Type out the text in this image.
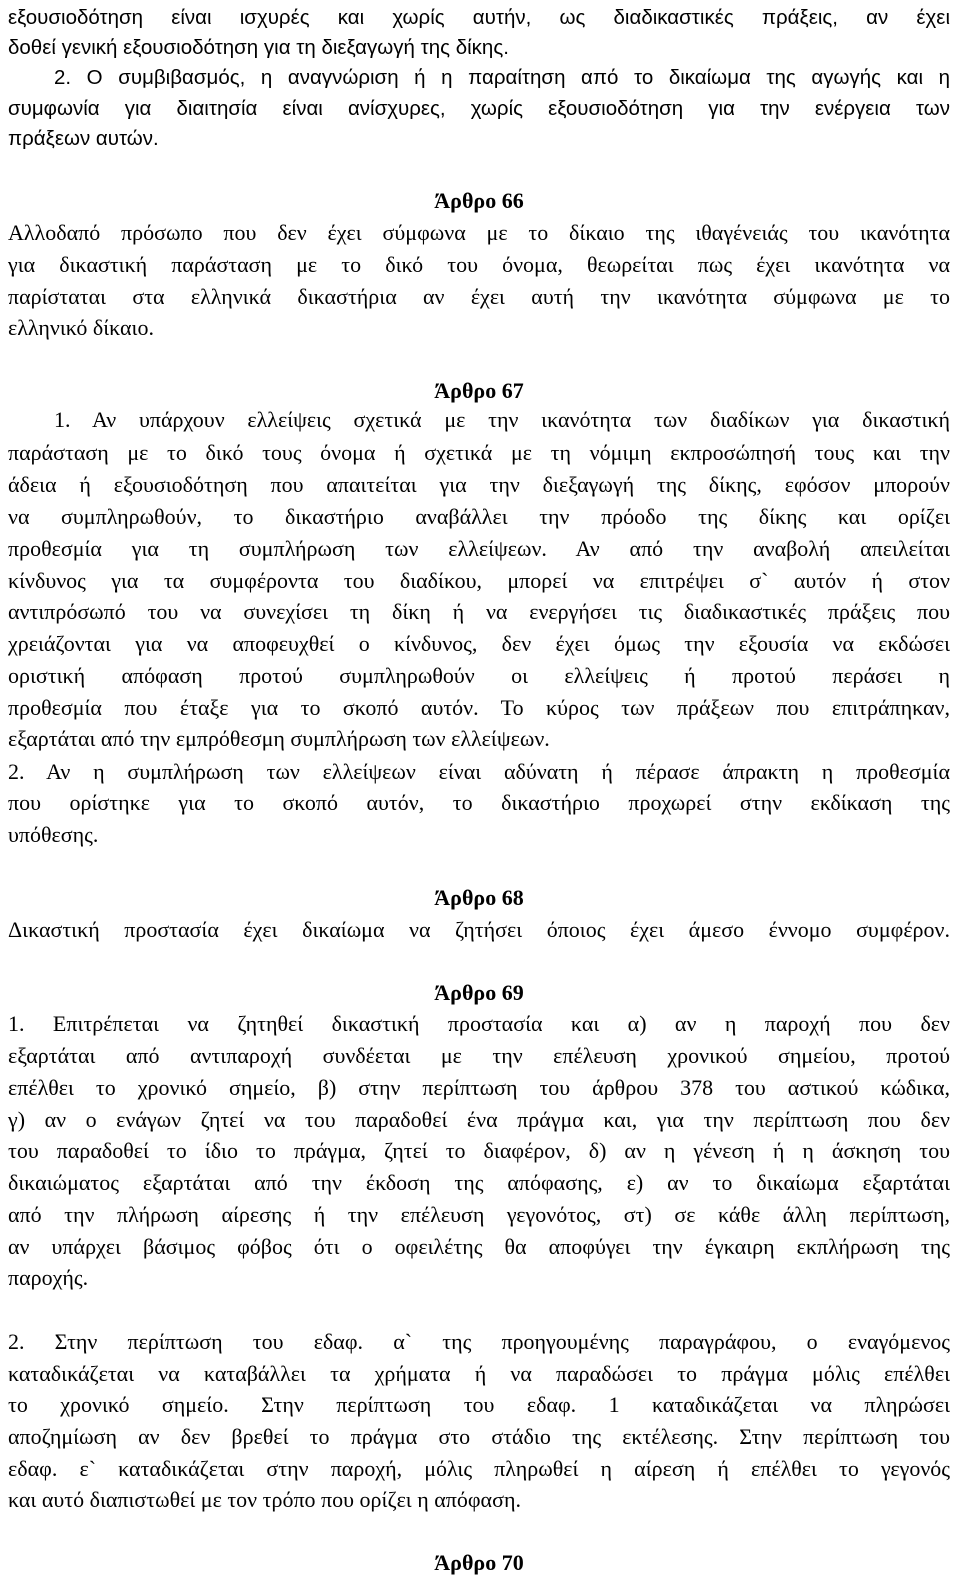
εξουσιοδότηση είναι ισχυρές και χωρίς αυτήν, ως διαδικαστικές πράξεις, αν έχει
δοθεί γενική εξουσιοδότηση για τη διεξαγωγή της δίκης.
2. Ο συμβιβασμός, η αναγνώριση ή η παραίτηση από το δικαίωμα της αγωγής και η
συμφωνία για διαιτησία είναι ανίσχυρες, χωρίς εξουσιοδότηση για την ενέργεια των
πράξεων αυτών.
Άρθρο 66
Αλλοδαπό πρόσωπο που δεν έχει σύμφωνα με το δίκαιο της ιθαγένειάς του ικανότητα
για δικαστική παράσταση με το δικό του όνομα, θεωρείται πως έχει ικανότητα να
παρίσταται στα ελληνικά δικαστήρια αν έχει αυτή την ικανότητα σύμφωνα με το
ελληνικό δίκαιο.
Άρθρο 67
1. Αν υπάρχουν ελλείψεις σχετικά με την ικανότητα των διαδίκων για δικαστική
παράσταση με το δικό τους όνομα ή σχετικά με τη νόμιμη εκπροσώπησή τους και την
άδεια ή εξουσιοδότηση που απαιτείται για την διεξαγωγή της δίκης, εφόσον μπορούν
να συμπληρωθούν, το δικαστήριο αναβάλλει την πρόοδο της δίκης και ορίζει
προθεσμία για τη συμπλήρωση των ελλείψεων. Αν από την αναβολή απειλείται
κίνδυνος για τα συμφέροντα του διαδίκου, μπορεί να επιτρέψει σ` αυτόν ή στον
αντιπρόσωπό του να συνεχίσει τη δίκη ή να ενεργήσει τις διαδικαστικές πράξεις που
χρειάζονται για να αποφευχθεί ο κίνδυνος, δεν έχει όμως την εξουσία να εκδώσει
οριστική απόφαση προτού συμπληρωθούν οι ελλείψεις ή προτού περάσει η
προθεσμία που έταξε για το σκοπό αυτόν. Το κύρος των πράξεων που επιτράπηκαν,
εξαρτάται από την εμπρόθεσμη συμπλήρωση των ελλείψεων.
2. Αν η συμπλήρωση των ελλείψεων είναι αδύνατη ή πέρασε άπρακτη η προθεσμία
που ορίστηκε για το σκοπό αυτόν, το δικαστήριο προχωρεί στην εκδίκαση της
υπόθεσης.
Άρθρο 68
Δικαστική προστασία έχει δικαίωμα να ζητήσει όποιος έχει άμεσο έννομο συμφέρον.
Άρθρο 69
1. Επιτρέπεται να ζητηθεί δικαστική προστασία και α) αν η παροχή που δεν
εξαρτάται από αντιπαροχή συνδέεται με την επέλευση χρονικού σημείου, προτού
επέλθει το χρονικό σημείο, β) στην περίπτωση του άρθρου 378 του αστικού κώδικα,
γ) αν ο ενάγων ζητεί να του παραδοθεί ένα πράγμα και, για την περίπτωση που δεν
του παραδοθεί το ίδιο το πράγμα, ζητεί το διαφέρον, δ) αν η γένεση ή η άσκηση του
δικαιώματος εξαρτάται από την έκδοση της απόφασης, ε) αν το δικαίωμα εξαρτάται
από την πλήρωση αίρεσης ή την επέλευση γεγονότος, στ) σε κάθε άλλη περίπτωση,
αν υπάρχει βάσιμος φόβος ότι ο οφειλέτης θα αποφύγει την έγκαιρη εκπλήρωση της
παροχής.
2. Στην περίπτωση του εδαφ. α` της προηγουμένης παραγράφου, ο εναγόμενος
καταδικάζεται να καταβάλλει τα χρήματα ή να παραδώσει το πράγμα μόλις επέλθει
το χρονικό σημείο. Στην περίπτωση του εδαφ. 1 καταδικάζεται να πληρώσει
αποζημίωση αν δεν βρεθεί το πράγμα στο στάδιο της εκτέλεσης. Στην περίπτωση του
εδαφ. ε` καταδικάζεται στην παροχή, μόλις πληρωθεί η αίρεση ή επέλθει το γεγονός
και αυτό διαπιστωθεί με τον τρόπο που ορίζει η απόφαση.
Άρθρο 70
